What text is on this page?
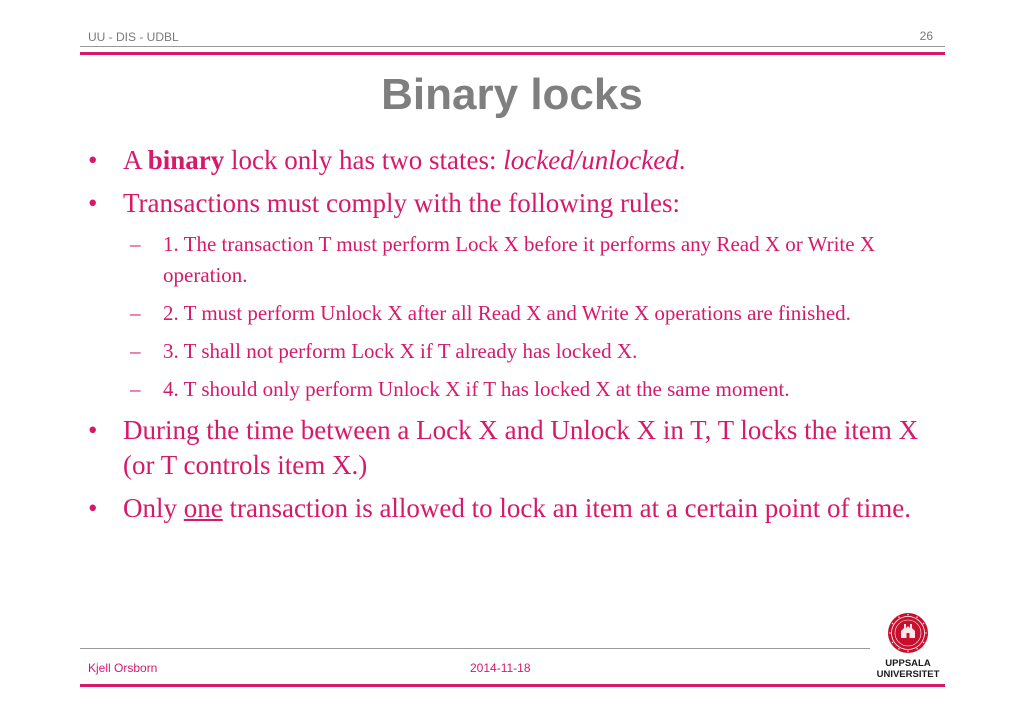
UU - DIS - UDBL	26
Binary locks
• A binary lock only has two states: locked/unlocked.
• Transactions must comply with the following rules:
– 1. The transaction T must perform Lock X before it performs any Read X or Write X operation.
– 2. T must perform Unlock X after all Read X and Write X operations are finished.
– 3. T shall not perform Lock X if T already has locked X.
– 4. T should only perform Unlock X if T has locked X at the same moment.
• During the time between a Lock X and Unlock X in T, T locks the item X (or T controls item X.)
• Only one transaction is allowed to lock an item at a certain point of time.
Kjell Orsborn	2014-11-18	UPPSALA
UNIVERSITET
